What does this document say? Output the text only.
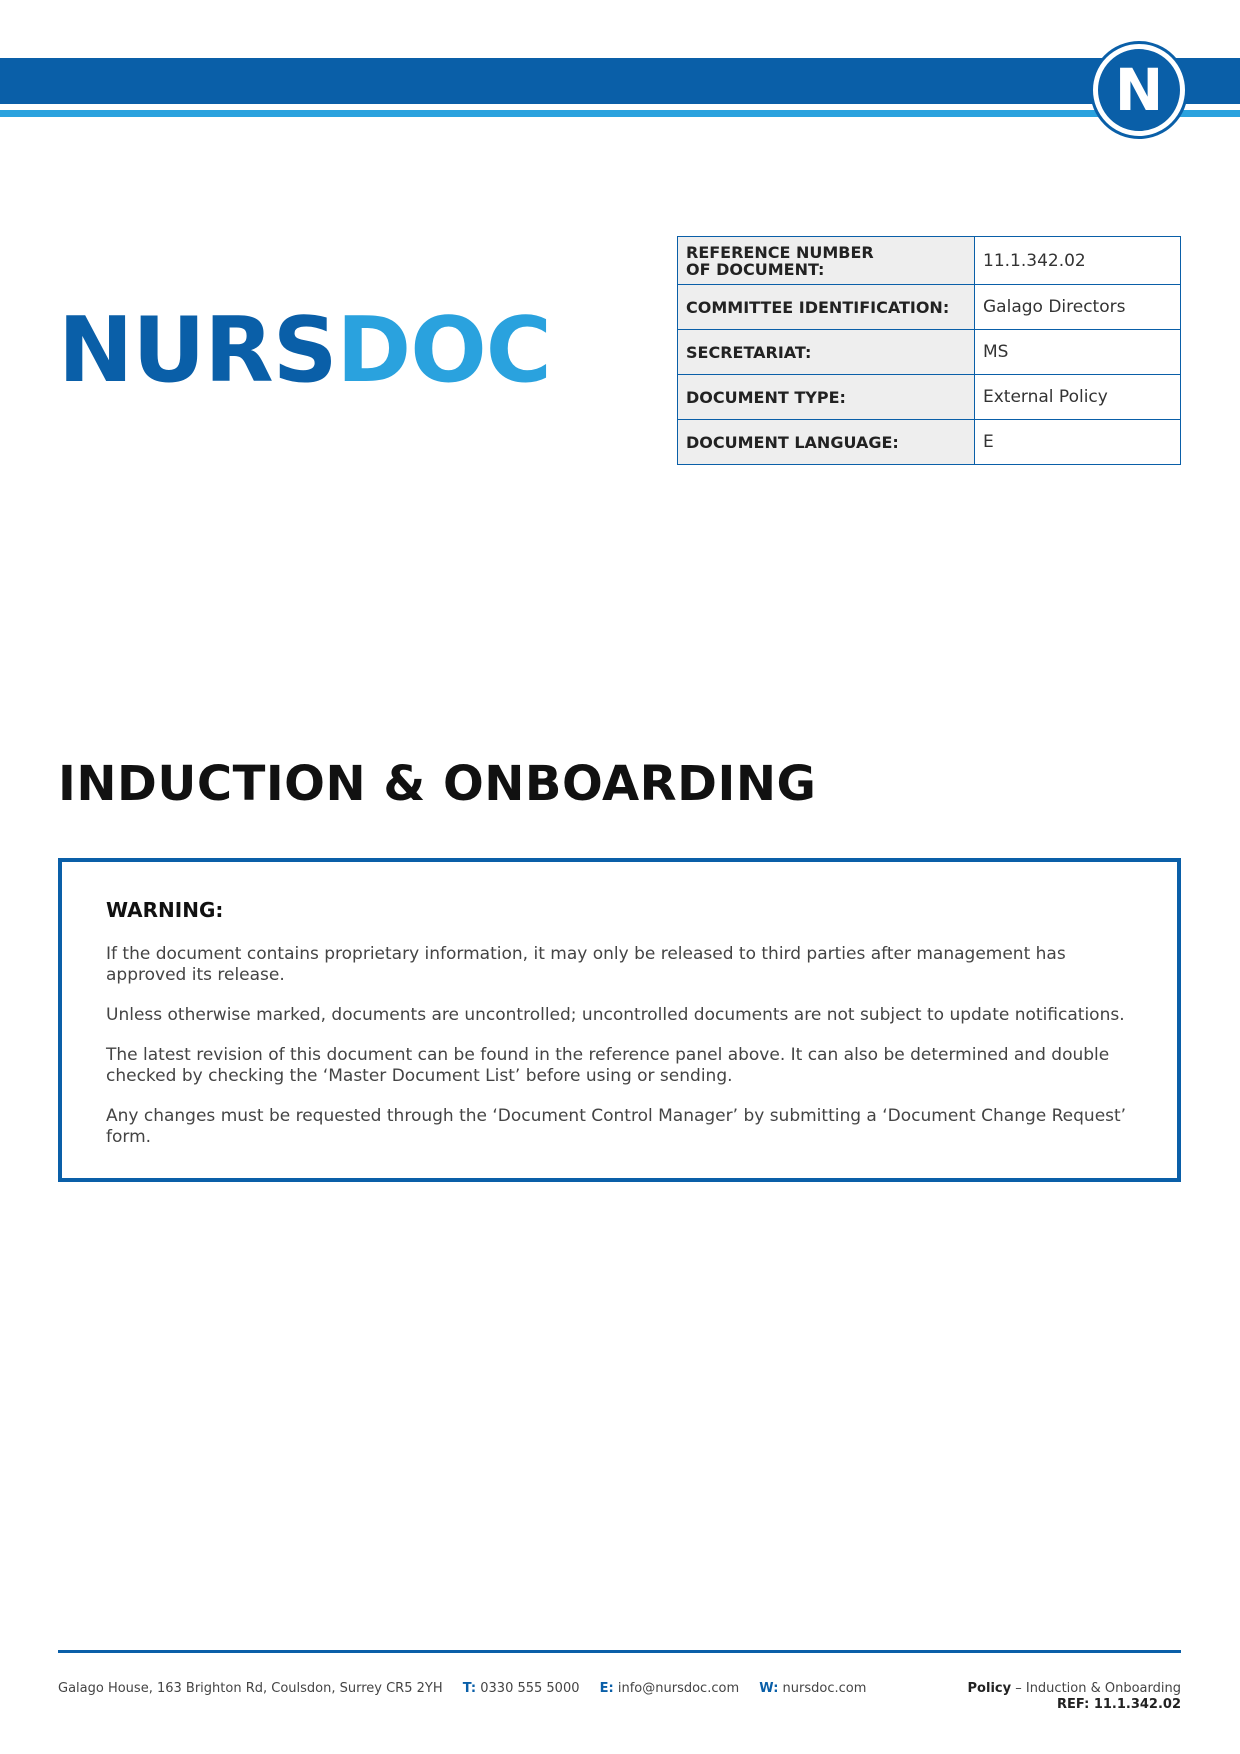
N
NURSDOC
REFERENCE NUMBER
OF DOCUMENT:	11.1.342.02
COMMITTEE IDENTIFICATION:	Galago Directors
SECRETARIAT:	MS
DOCUMENT TYPE:	External Policy
DOCUMENT LANGUAGE:	E
INDUCTION & ONBOARDING

WARNING:

If the document contains proprietary information, it may only be released to third parties after management has approved its release.

Unless otherwise marked, documents are uncontrolled; uncontrolled documents are not subject to update notifications.

The latest revision of this document can be found in the reference panel above. It can also be determined and double checked by checking the ‘Master Document List’ before using or sending.

Any changes must be requested through the ‘Document Control Manager’ by submitting a ‘Document Change Request’ form.

Galago House, 163 Brighton Rd, Coulsdon, Surrey CR5 2YH T: 0330 555 5000 E: info@nursdoc.com W: nursdoc.com	Policy – Induction & Onboarding
REF: 11.1.342.02
